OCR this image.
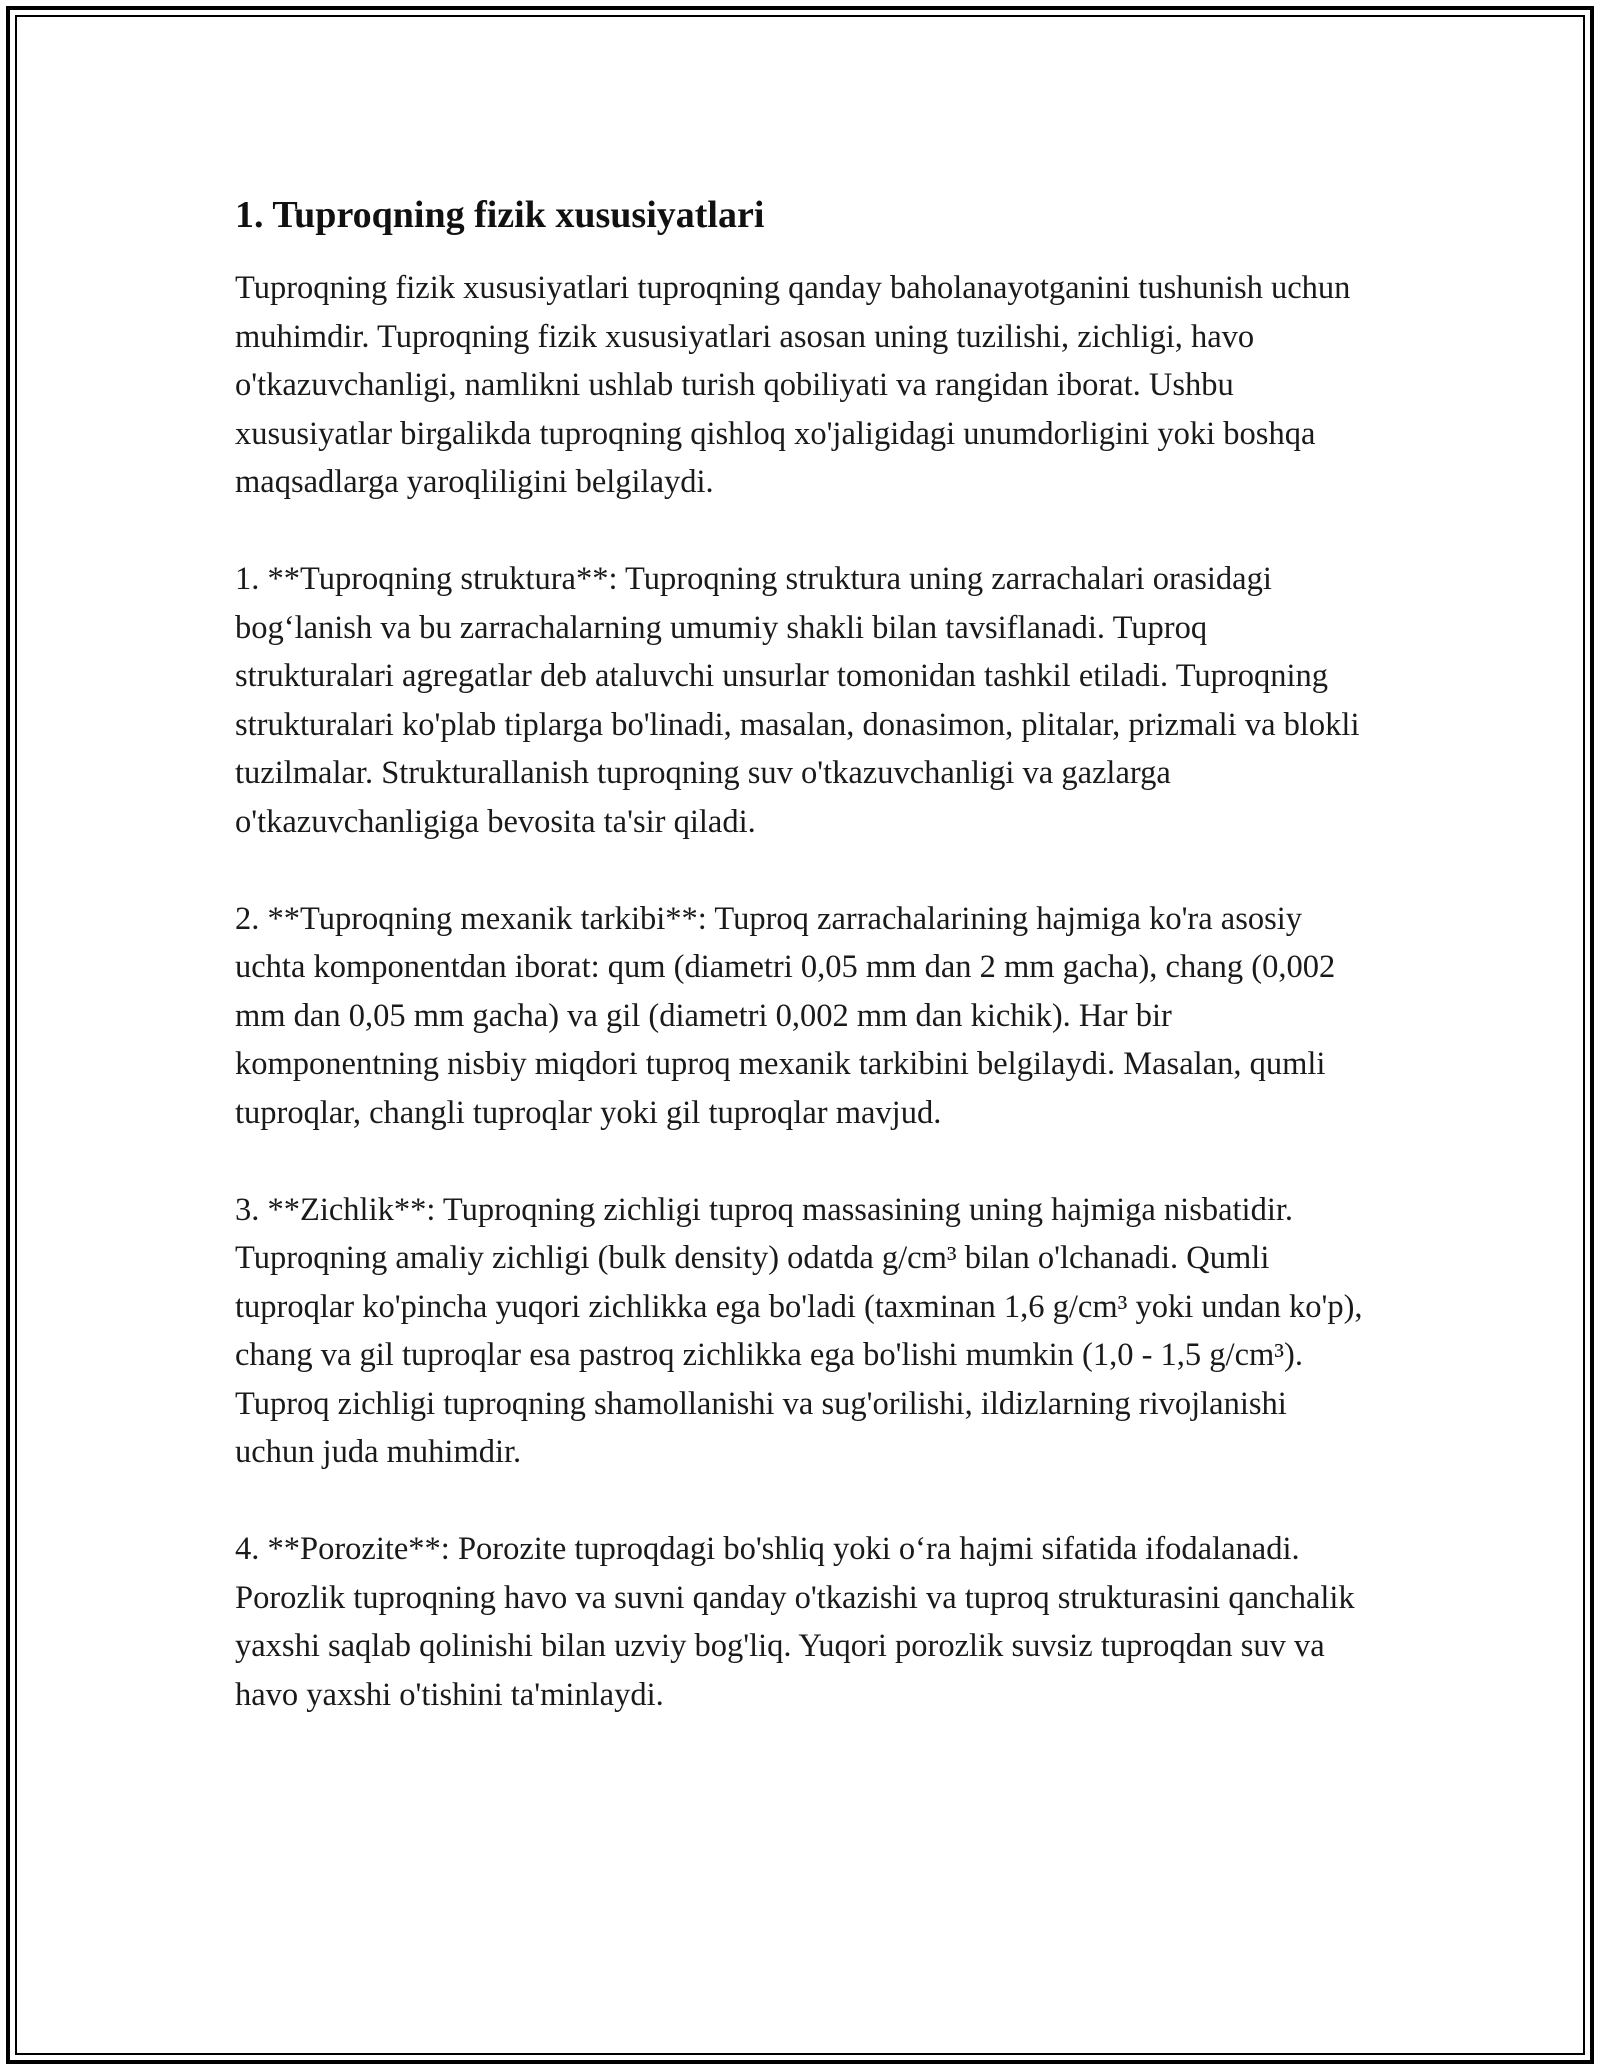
1. Tuproqning fizik xususiyatlari

Tuproqning fizik xususiyatlari tuproqning qanday baholanayotganini tushunish uchun muhimdir. Tuproqning fizik xususiyatlari asosan uning tuzilishi, zichligi, havo o'tkazuvchanligi, namlikni ushlab turish qobiliyati va rangidan iborat. Ushbu xususiyatlar birgalikda tuproqning qishloq xo'jaligidagi unumdorligini yoki boshqa maqsadlarga yaroqliligini belgilaydi.

1. **Tuproqning struktura**: Tuproqning struktura uning zarrachalari orasidagi bog‘lanish va bu zarrachalarning umumiy shakli bilan tavsiflanadi. Tuproq strukturalari agregatlar deb ataluvchi unsurlar tomonidan tashkil etiladi. Tuproqning strukturalari ko'plab tiplarga bo'linadi, masalan, donasimon, plitalar, prizmali va blokli tuzilmalar. Strukturallanish tuproqning suv o'tkazuvchanligi va gazlarga o'tkazuvchanligiga bevosita ta'sir qiladi.

2. **Tuproqning mexanik tarkibi**: Tuproq zarrachalarining hajmiga ko'ra asosiy uchta komponentdan iborat: qum (diametri 0,05 mm dan 2 mm gacha), chang (0,002 mm dan 0,05 mm gacha) va gil (diametri 0,002 mm dan kichik). Har bir komponentning nisbiy miqdori tuproq mexanik tarkibini belgilaydi. Masalan, qumli tuproqlar, changli tuproqlar yoki gil tuproqlar mavjud.

3. **Zichlik**: Tuproqning zichligi tuproq massasining uning hajmiga nisbatidir. Tuproqning amaliy zichligi (bulk density) odatda g/cm³ bilan o'lchanadi. Qumli tuproqlar ko'pincha yuqori zichlikka ega bo'ladi (taxminan 1,6 g/cm³ yoki undan ko'p), chang va gil tuproqlar esa pastroq zichlikka ega bo'lishi mumkin (1,0 - 1,5 g/cm³). Tuproq zichligi tuproqning shamollanishi va sug'orilishi, ildizlarning rivojlanishi uchun juda muhimdir.

4. **Porozite**: Porozite tuproqdagi bo'shliq yoki o‘ra hajmi sifatida ifodalanadi. Porozlik tuproqning havo va suvni qanday o'tkazishi va tuproq strukturasini qanchalik yaxshi saqlab qolinishi bilan uzviy bog'liq. Yuqori porozlik suvsiz tuproqdan suv va havo yaxshi o'tishini ta'minlaydi.
